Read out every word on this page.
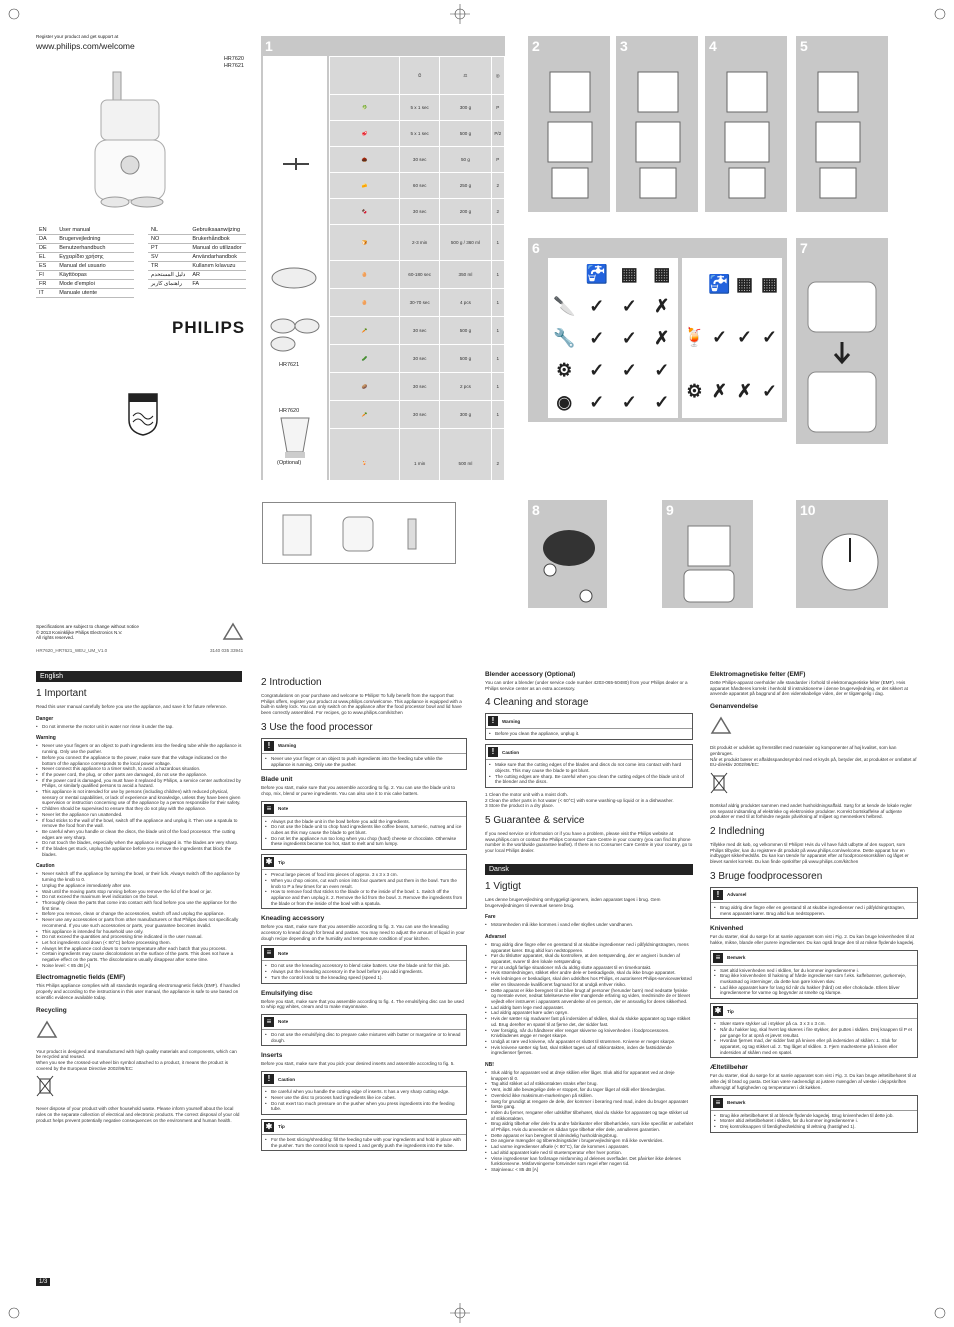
Register your product and get support at
www.philips.com/welcome
HR7620
HR7621
EN	User manual
DA	Brugervejledning
DE	Benutzerhandbuch
EL	Εγχειρίδιο χρήσης
ES	Manual del usuario
FI	Käyttöopas
FR	Mode d'emploi
IT	Manuale utente
NL	Gebruiksaanwijzing
NO	Brukerhåndbok
PT	Manual do utilizador
SV	Användarhandbok
TR	Kullanım kılavuzu
دليل المستخدم	AR
راهنمای کاربر	FA
PHILIPS
Specifications are subject to change without notice
© 2013 Koninklijke Philips Electronics N.V.
All rights reserved.
HR7620_HR7621_WEU_UM_V1.0	3140 035 33941
1
	⏱	⚖	◎
🥬	5 x 1 sec	300 g	P
🥩	5 x 1 sec	500 g	P/2
🌰	30 sec	50 g	P
🧀	60 sec	250 g	2
🍫	30 sec	200 g	2
🍞	2-3 min	500 g / 360 ml	1
🥚	60-180 sec	350 ml	1
🥚	30-70 sec	4 pcs	1
🥕	30 sec	500 g	1
🥒	30 sec	500 g	1
🥔	30 sec	2 pcs	1
🥕	30 sec	300 g	1
🍹	1 min	500 ml	2
HR7621
HR7620
(Optional)
2	3	4	5
6
🚰 ▦ ▦
🔪 ✓ ✓ ✗
🔧 ✓ ✓ ✗
⚙ ✓ ✓ ✓
◉ ✓ ✓ ✓
🚰 ▦ ▦
🍹 ✓ ✓ ✓
⚙ ✗ ✗ ✓
7
8	9	10
English
1 Important

Read this user manual carefully before you use the appliance, and save it for future reference.

Danger
• Do not immerse the motor unit in water nor rinse it under the tap.
Warning
• Never use your fingers or an object to push ingredients into the feeding tube while the appliance is running. Only use the pusher.
• Before you connect the appliance to the power, make sure that the voltage indicated on the bottom of the appliance corresponds to the local power voltage.
• Never connect this appliance to a timer switch, to avoid a hazardous situation.
• If the power cord, the plug, or other parts are damaged, do not use the appliance.
• If the power cord is damaged, you must have it replaced by Philips, a service center authorized by Philips, or similarly qualified persons to avoid a hazard.
• This appliance is not intended for use by persons (including children) with reduced physical, sensory or mental capabilities, or lack of experience and knowledge, unless they have been given supervision or instruction concerning use of the appliance by a person responsible for their safety.
• Children should be supervised to ensure that they do not play with the appliance.
• Never let the appliance run unattended.
• If food sticks to the wall of the bowl, switch off the appliance and unplug it. Then use a spatula to remove the food from the wall.
• Be careful when you handle or clean the discs, the blade unit of the food processor. The cutting edges are very sharp.
• Do not touch the blades, especially when the appliance is plugged in. The blades are very sharp.
• If the blades get stuck, unplug the appliance before you remove the ingredients that block the blades.
Caution
• Never switch off the appliance by turning the bowl, or their lids. Always switch off the appliance by turning the knob to 0.
• Unplug the appliance immediately after use.
• Wait until the moving parts stop running before you remove the lid of the bowl or jar.
• Do not exceed the maximum level indication on the bowl.
• Thoroughly clean the parts that come into contact with food before you use the appliance for the first time.
• Before you remove, clean or change the accessories, switch off and unplug the appliance.
• Never use any accessories or parts from other manufacturers or that Philips does not specifically recommend. If you use such accessories or parts, your guarantee becomes invalid.
• This appliance is intended for household use only.
• Do not exceed the quantities and processing time indicated in the user manual.
• Let hot ingredients cool down (< 80°C) before processing them.
• Always let the appliance cool down to room temperature after each batch that you process.
• Certain ingredients may cause discolorations on the surface of the parts. This does not have a negative effect on the parts. The discolorations usually disappear after some time.
• Noise level: < 85 dB [A]
Electromagnetic fields (EMF)

This Philips appliance complies with all standards regarding electromagnetic fields (EMF). If handled properly and according to the instructions in this user manual, the appliance is safe to use based on scientific evidence available today.

Recycling

Your product is designed and manufactured with high quality materials and components, which can be recycled and reused.

When you see the crossed-out wheel bin symbol attached to a product, it means the product is covered by the European Directive 2002/96/EC:

Never dispose of your product with other household waste. Please inform yourself about the local rules on the separate collection of electrical and electronic products. The correct disposal of your old product helps prevent potentially negative consequences on the environment and human health.

1/3
2 Introduction

Congratulations on your purchase and welcome to Philips! To fully benefit from the support that Philips offers, register your product at www.philips.com/welcome. This appliance is equipped with a built-in safety lock. You can only switch on the appliance after the food processor bowl and lid have been correctly assembled. For recipes, go to www.philips.com/kitchen

3 Use the food processor
!	Warning
• Never use your finger or an object to push ingredients into the feeding tube while the appliance is running. Only use the pusher.
Blade unit

Before you start, make sure that you assemble according to fig. 2. You can use the blade unit to chop, mix, blend or puree ingredients. You can also use it to mix cake batters.

≡	Note
• Always put the blade unit in the bowl before you add the ingredients.
• Do not use the blade unit to chop hard ingredients like coffee beans, turmeric, nutmeg and ice cubes as this may cause the blade to get blunt.
• Do not let the appliance run too long when you chop (hard) cheese or chocolate. Otherwise these ingredients become too hot, start to melt and turn lumpy.
✱	Tip
• Precut large pieces of food into pieces of approx. 3 x 3 x 3 cm.
• When you chop onions, cut each onion into four quarters and put them in the bowl. Turn the knob to P a few times for an even result.
• How to remove food that sticks to the blade or to the inside of the bowl: 1. Switch off the appliance and then unplug it. 2. Remove the lid from the bowl. 3. Remove the ingredients from the blade or from the inside of the bowl with a spatula.
Kneading accessory

Before you start, make sure that you assemble according to fig. 3. You can use the kneading accessory to knead dough for bread and pastas. You may need to adjust the amount of liquid in your dough recipe depending on the humidity and temperature condition of your kitchen.

≡	Note
• Do not use the kneading accessory to blend cake batters. Use the blade unit for this job.
• Always put the kneading accessory in the bowl before you add ingredients.
• Turn the control knob to the kneading speed (speed 1).
Emulsifying disc

Before you start, make sure that you assemble according to fig. 4. The emulsifying disc can be used to whip egg whites, cream and to make mayonnaise.

≡	Note
• Do not use the emulsifying disc to prepare cake mixtures with butter or margarine or to knead dough.
Inserts

Before you start, make sure that you pick your desired inserts and assemble according to fig. 5.

!	Caution
• Be careful when you handle the cutting edge of inserts. It has a very sharp cutting edge.
• Never use the disc to process hard ingredients like ice cubes.
• Do not exert too much pressure on the pusher when you press ingredients into the feeding tube.
✱	Tip
• For the best slicing/shredding: fill the feeding tube with your ingredients and hold in place with the pusher. Turn the control knob to speed 1 and gently push the ingredients into the tube.
Blender accessory (Optional)

You can order a blender (under service code number 4203-065-50480) from your Philips dealer or a Philips service center as an extra accessory.

4 Cleaning and storage
!	Warning
• Before you clean the appliance, unplug it.
!	Caution
• Make sure that the cutting edges of the blades and discs do not come into contact with hard objects. This may cause the blade to get blunt.
• The cutting edges are sharp. Be careful when you clean the cutting edges of the blade unit of the blender and the discs.

1 Clean the motor unit with a moist cloth.

2 Clean the other parts in hot water (< 60°C) with some washing-up liquid or in a dishwasher.

3 Store the product in a dry place.

5 Guarantee & service

If you need service or information or if you have a problem, please visit the Philips website at www.philips.com or contact the Philips Consumer Care Centre in your country (you can find its phone number in the worldwide guarantee leaflet). If there is no Consumer Care Centre in your country, go to your local Philips dealer.

Dansk
1 Vigtigt

Læs denne brugervejledning omhyggeligt igennem, inden apparatet tages i brug. Gem brugervejledningen til eventuel senere brug.

Fare
• Motorenheden må ikke kommes i vand eller skylles under vandhanen.
Advarsel
• Brug aldrig dine fingre eller en genstand til at skubbe ingredienser ned i påfyldningstragten, mens apparatet kører. Brug altid kun nedstopperen.
• Før du tilslutter apparatet, skal du kontrollere, at den netspænding, der er angivet i bunden af apparatet, svarer til den lokale netspænding.
• For at undgå farlige situationer må du aldrig slutte apparatet til en timerkontakt.
• Hvis strømledningen, stikket eller andre dele er beskadigede, skal du ikke bruge apparatet.
• Hvis ledningen er beskadiget, skal den udskiftes hos Philips, et autoriseret Philips-serviceværksted eller en tilsvarende kvalificeret fagmand for at undgå enhver risiko.
• Dette apparat er ikke beregnet til at blive brugt af personer (herunder børn) med nedsatte fysiske og mentale evner, nedsat følelsesevne eller manglende erfaring og viden, medmindre de er blevet vejledt eller instrueret i apparatets anvendelse af en person, der er ansvarlig for deres sikkerhed.
• Lad aldrig børn lege med apparatet.
• Lad aldrig apparatet køre uden opsyn.
• Hvis der sætter sig madvarer fast på indersiden af skålen, skal du slukke apparatet og tage stikket ud. Brug derefter en spatel til at fjerne det, der sidder fast.
• Vær forsigtig, når du håndterer eller rengør skiverne og knivenheden i foodprocessoren. Knivbladenes ægge er meget skarpe.
• Undgå at røre ved knivene, når apparatet er sluttet til strømmen. Knivene er meget skarpe.
• Hvis knivene sætter sig fast, skal stikket tages ud af stikkontakten, inden de fastsiddende ingredienser fjernes.
NB!
• Sluk aldrig for apparatet ved at dreje skålen eller låget. Sluk altid for apparatet ved at dreje knappen til 0.
• Tag altid stikket ud af stikkontakten straks efter brug.
• Vent, indtil alle bevægelige dele er stoppet, før du tager låget af skål eller blenderglas.
• Overskrid ikke maksimum-markeringen på skålen.
• Sørg for grundigt at rengøre de dele, der kommer i berøring med mad, inden du bruger apparatet første gang.
• Inden du fjerner, rengører eller udskifter tilbehøret, skal du slukke for apparatet og tage stikket ud af stikkontakten.
• Brug aldrig tilbehør eller dele fra andre fabrikanter eller tilbehør/dele, som ikke specifikt er anbefalet af Philips. Hvis du anvender en sådan type tilbehør eller dele, annulleres garantien.
• Dette apparat er kun beregnet til almindelig husholdningsbrug.
• De angivne mængder og tilberedningstider i brugervejledningen må ikke overskrides.
• Lad varme ingredienser afkøle (< 80°C), før de kommes i apparatet.
• Lad altid apparatet køle ned til stuetemperatur efter hver portion.
• Visse ingredienser kan forårsage misfarvning af delenes overflader. Det påvirker ikke delenes funktionsevne. Misfarvningerne forsvinder som regel efter nogen tid.
• Støjniveau: < 85 dB [A]
Elektromagnetiske felter (EMF)

Dette Philips-apparat overholder alle standarder i forhold til elektromagnetiske felter (EMF). Hvis apparatet håndteres korrekt i henhold til instruktionerne i denne brugervejledning, er det sikkert at anvende apparatet på baggrund af den videnskabelige viden, der er tilgængelig i dag.

Genanvendelse

Dit produkt er udviklet og fremstillet med materialer og komponenter af høj kvalitet, som kan genbruges.

Når et produkt bærer et affaldsspandssymbol med et kryds på, betyder det, at produktet er omfattet af EU-direktiv 2002/96/EC:

Bortskaf aldrig produktet sammen med andet husholdningsaffald. Sørg for at kende de lokale regler om separat indsamling af elektriske og elektroniske produkter. Korrekt bortskaffelse af udtjente produkter er med til at forhindre negativ påvirkning af miljøet og menneskers helbred.

2 Indledning

Tillykke med dit køb, og velkommen til Philips! Hvis du vil have fuldt udbytte af den support, som Philips tilbyder, kan du registrere dit produkt på www.philips.com/welcome. Dette apparat har en indbygget sikkerhedslås. Du kan kun tænde for apparatet efter at foodprocessorskålen og låget er blevet samlet korrekt. Du kan finde opskrifter på www.philips.com/kitchen

3 Bruge foodprocessoren
!	Advarsel
• Brug aldrig dine fingre eller en genstand til at skubbe ingredienser ned i påfyldningstragten, mens apparatet kører. Brug altid kun nedstopperen.
Knivenhed

Før du starter, skal du sørge for at samle apparatet som vist i Fig. 2. Du kan bruge knivenheden til at hakke, mikse, blande eller purere ingredienser. Du kan også bruge den til at mikse flydende kagedej.

≡	Bemærk
• Sæt altid knivenheden ned i skålen, før du kommer ingredienserne i.
• Brug ikke knivenheden til hakning af hårde ingredienser som f.eks. kaffebønner, gurkemeje, muskatnød og isterninger, da dette kan gøre kniven sløv.
• Lad ikke apparatet køre for lang tid når du hakker (hård) ost eller chokolade. Ellers bliver ingredienserne for varme og begynder at smelte og klumpe.
✱	Tip
• Skær større stykker ud i stykker på ca. 3 x 3 x 3 cm.
• Når du hakker løg, skal hvert løg skæres i fire stykker, der puttes i skålen. Drej knappen til P et par gange for at opnå et jævnt resultat.
• Hvordan fjernes mad, der sidder fast på kniven eller på indersiden af skålen: 1. Sluk for apparatet, og tag stikket ud. 2. Tag låget af skålen. 3. Fjern madresterne på kniven eller indersiden af skålen med en spatel.
Æltetilbehør

Før du starter, skal du sørge for at samle apparatet som vist i Fig. 3. Du kan bruge æltetilbehøret til at ælte dej til brød og pasta. Det kan være nødvendigt at justere mængden af væske i dejopskriften afhængigt af fugtigheden og temperaturen i dit køkken.

≡	Bemærk
• Brug ikke æltetilbehøret til at blende flydende kagedej. Brug knivenheden til dette job.
• Monter altid æltetilbehøret i skålen, før du kommer ingredienserne i.
• Drej kontrolknappen til færdighed/ældning til æltning (hastighed 1).
